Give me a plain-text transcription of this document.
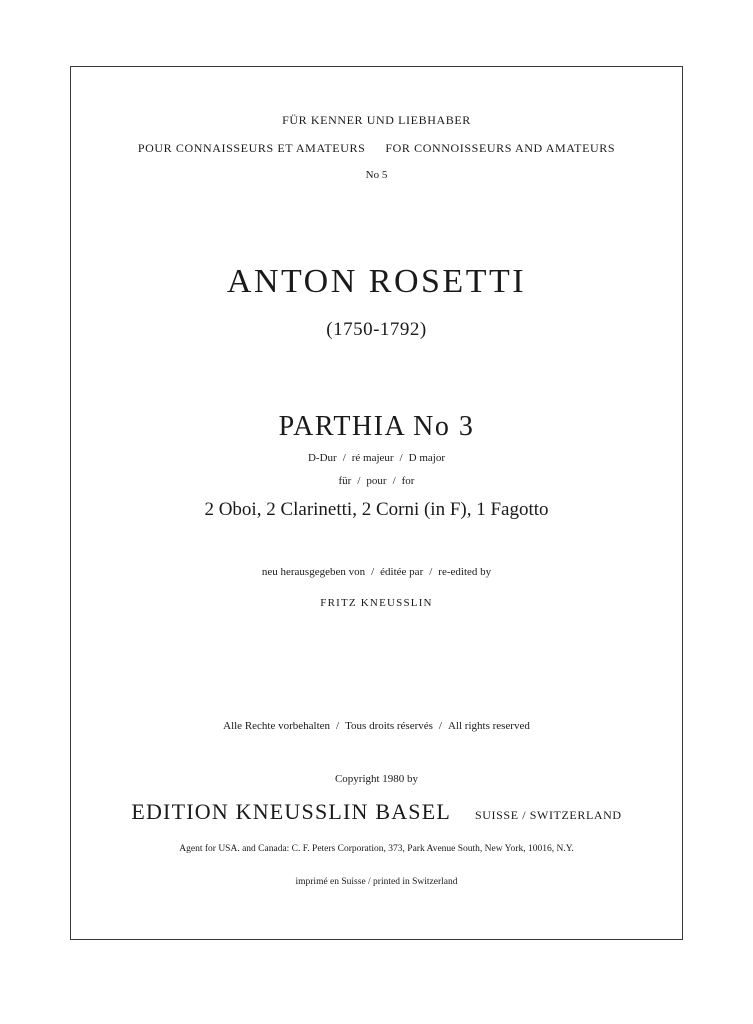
FÜR KENNER UND LIEBHABER
POUR CONNAISSEURS ET AMATEURS FOR CONNOISSEURS AND AMATEURS
No 5
ANTON ROSETTI
(1750-1792)
PARTHIA No 3
D-Dur / ré majeur / D major
für / pour / for
2 Oboi, 2 Clarinetti, 2 Corni (in F), 1 Fagotto
neu herausgegeben von / éditée par / re-edited by
FRITZ KNEUSSLIN
Alle Rechte vorbehalten / Tous droits réservés / All rights reserved
Copyright 1980 by
EDITION KNEUSSLIN BASEL SUISSE / SWITZERLAND
Agent for USA. and Canada: C. F. Peters Corporation, 373, Park Avenue South, New York, 10016, N.Y.
imprimé en Suisse / printed in Switzerland
